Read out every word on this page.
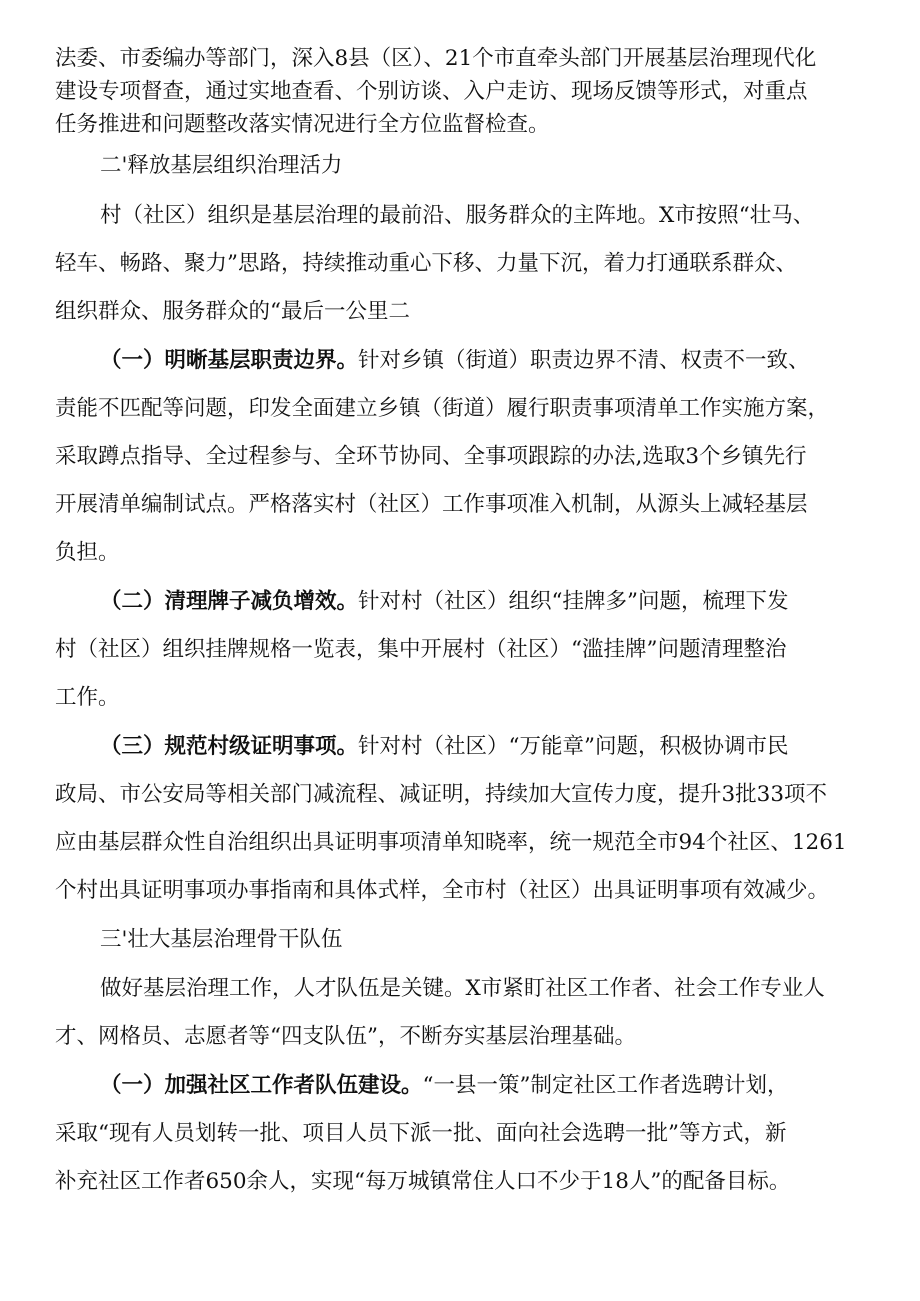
法委、市委编办等部门，深入8县（区）、21个市直牵头部门开展基层治理现代化
建设专项督查，通过实地查看、个别访谈、入户走访、现场反馈等形式，对重点
任务推进和问题整改落实情况进行全方位监督检查。
二'释放基层组织治理活力
村（社区）组织是基层治理的最前沿、服务群众的主阵地。X市按照“壮马、
轻车、畅路、聚力”思路，持续推动重心下移、力量下沉，着力打通联系群众、
组织群众、服务群众的“最后一公里二
（一）明晰基层职责边界。针对乡镇（街道）职责边界不清、权责不一致、
责能不匹配等问题，印发全面建立乡镇（街道）履行职责事项清单工作实施方案，
采取蹲点指导、全过程参与、全环节协同、全事项跟踪的办法,选取3个乡镇先行
开展清单编制试点。严格落实村（社区）工作事项准入机制，从源头上减轻基层
负担。
（二）清理牌子减负增效。针对村（社区）组织“挂牌多”问题，梳理下发
村（社区）组织挂牌规格一览表，集中开展村（社区）“滥挂牌”问题清理整治
工作。
（三）规范村级证明事项。针对村（社区）“万能章”问题，积极协调市民
政局、市公安局等相关部门减流程、减证明，持续加大宣传力度，提升3批33项不
应由基层群众性自治组织出具证明事项清单知晓率，统一规范全市94个社区、1261
个村出具证明事项办事指南和具体式样，全市村（社区）出具证明事项有效减少。
三'壮大基层治理骨干队伍
做好基层治理工作，人才队伍是关键。X市紧盯社区工作者、社会工作专业人
才、网格员、志愿者等“四支队伍”，不断夯实基层治理基础。
（一）加强社区工作者队伍建设。“一县一策”制定社区工作者选聘计划，
采取“现有人员划转一批、项目人员下派一批、面向社会选聘一批”等方式，新
补充社区工作者650余人，实现“每万城镇常住人口不少于18人”的配备目标。
